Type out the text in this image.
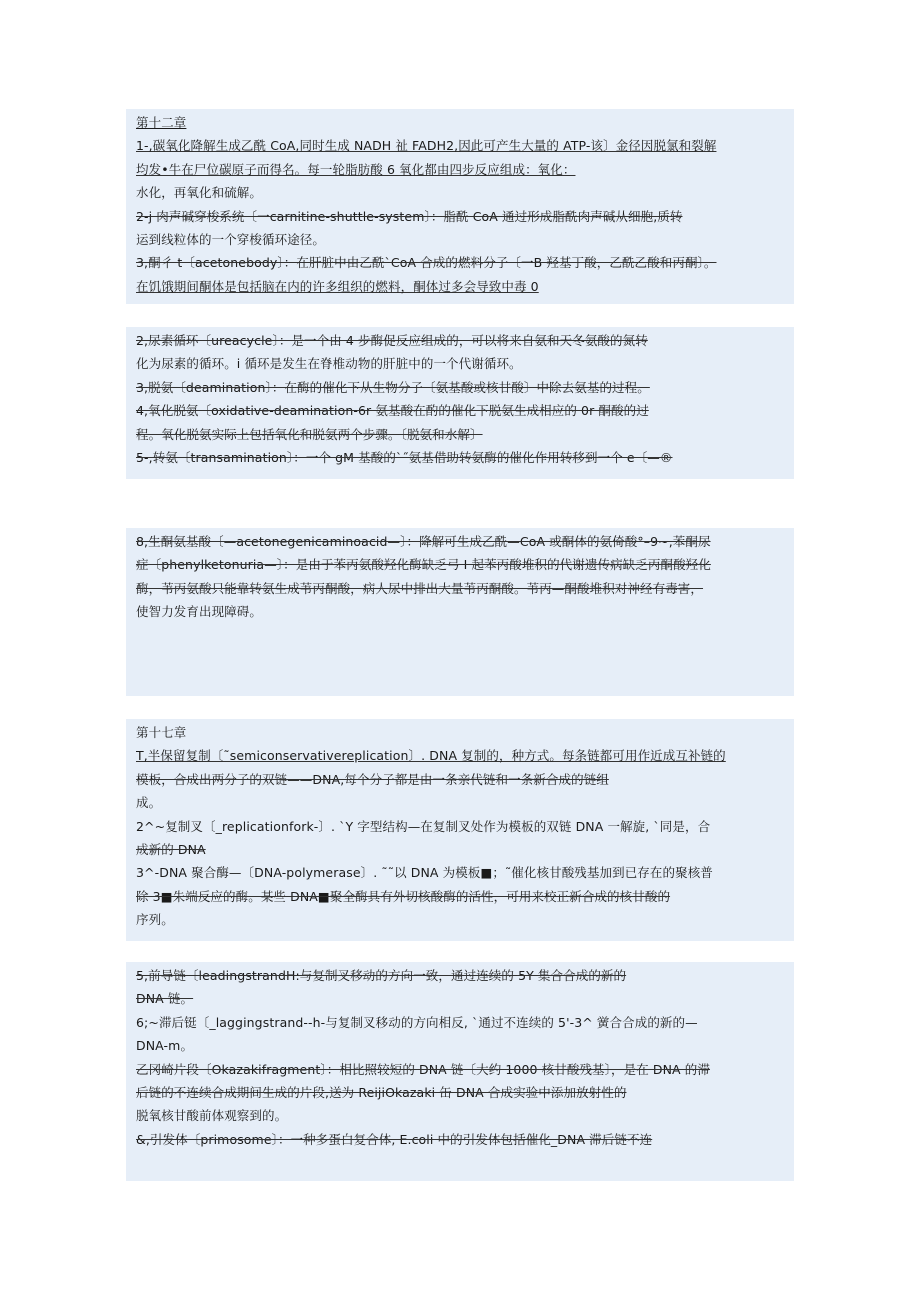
第十二章
1-,碳氧化降解生成乙酰 CoA,同时生成 NADH 祉 FADH2,因此可产生大量的 ATP-该〕金径因脱氯和裂解
均发•牛在尸位碳原子而得名。每一轮脂肪酸 6 氧化都由四步反应组成：氧化：
水化，再氧化和硫解。
2-j 肉声碱穿梭系统〔一carnitine-shuttle-system〕：脂酰 CoA 通过形成脂酰肉声碱从细胞,质转
运到线粒体的一个穿梭循环途径。
3,酮彳 t〔acetonebody〕：在肝脏中由乙酰`CoA 合成的燃料分子〔一B 羟基丁酸，乙酰乙酸和丙酮〕。
在饥饿期间酮体是包括脑在内的许多组织的燃料，酮体过多会导致中毒 0
2,尿素循环〔ureacycle〕：是一个由 4 步酶促反应组成的，可以将来自氨和天冬氨酸的氮转
化为尿素的循环。i 循环是发生在脊椎动物的肝脏中的一个代谢循环。
3,脱氨〔deamination〕：在酶的催化下从生物分子〔氨基酸或核甘酸〕中除去氨基的过程。
4,氧化脱氨〔oxidative-deamination-6r 氨基酸在酌的催化下脱氨生成相应的 0r 酮酸的过
程。氧化脱氨实际上包括氧化和脱氨两个步骤。〔脱氨和水解〕
5-,转氨〔transamination〕：一个 gM 基酸的`˝氨基借助转氨酶的催化作用转移到一个 e〔—®
8,生酮氨基酸〔—acetonegenicaminoacid—〕：降解可生成乙酰—CoA 或酮体的氨倚酸°–9~,苯酮尿
症〔phenylketonuria—〕：是由于苯丙氨酸羟化酶缺乏弓 I 起苯丙酸堆积的代谢遗传病缺乏丙酮酸羟化
酶，苇丙氨酸只能靠转氨生成苇丙酮酸，病人尿中排出大量苇丙酮酸。苇丙—酮酸堆积对神经有毒害，
使智力发育出现障碍。
第十七章
T,半保留复制〔˜semiconservativereplication〕. DNA 复制的，种方式。每条链都可用作近成互补链的
模板，合成出两分子的双链——DNA,每个分子都是由一条亲代链和一条新合成的链组
成。
2^~复制叉〔_replicationfork-〕. `Y 字型结构—在复制叉处作为模板的双链 DNA 一解旋, `同是，合
成新的 DNA
3^-DNA 聚合酶—〔DNA-polymerase〕. ˜˜以 DNA 为模板■；˜催化核甘酸残基加到已存在的聚核普
除 3■朱端反应的酶。某些 DNA■聚全酶具有外切核酸酶的活性，可用来校正新合成的核甘酸的
序列。
5,前导链〔leadingstrandH:与复制叉移动的方向一致，通过连续的 5Y 集合合成的新的
DNA 链。
6;~滞后铤〔_laggingstrand--h-与复制叉移动的方向相反, `通过不连续的 5'-3^ 黉合合成的新的—
DNA-m。
乙冈崎片段〔Okazakifragment〕：相比照较短的 DNA 链〔大约 1000 核甘酸残基〕，是在 DNA 的滞
后链的不连续合成期间生成的片段,送为 ReijiOkazaki 缶 DNA 合成实验中添加放射性的
脱氧核甘酸前体观察到的。
&,引发体〔primosome〕：一种多蛋白复合体, E.coli 中的引发体包括催化_DNA 滞后链不连
